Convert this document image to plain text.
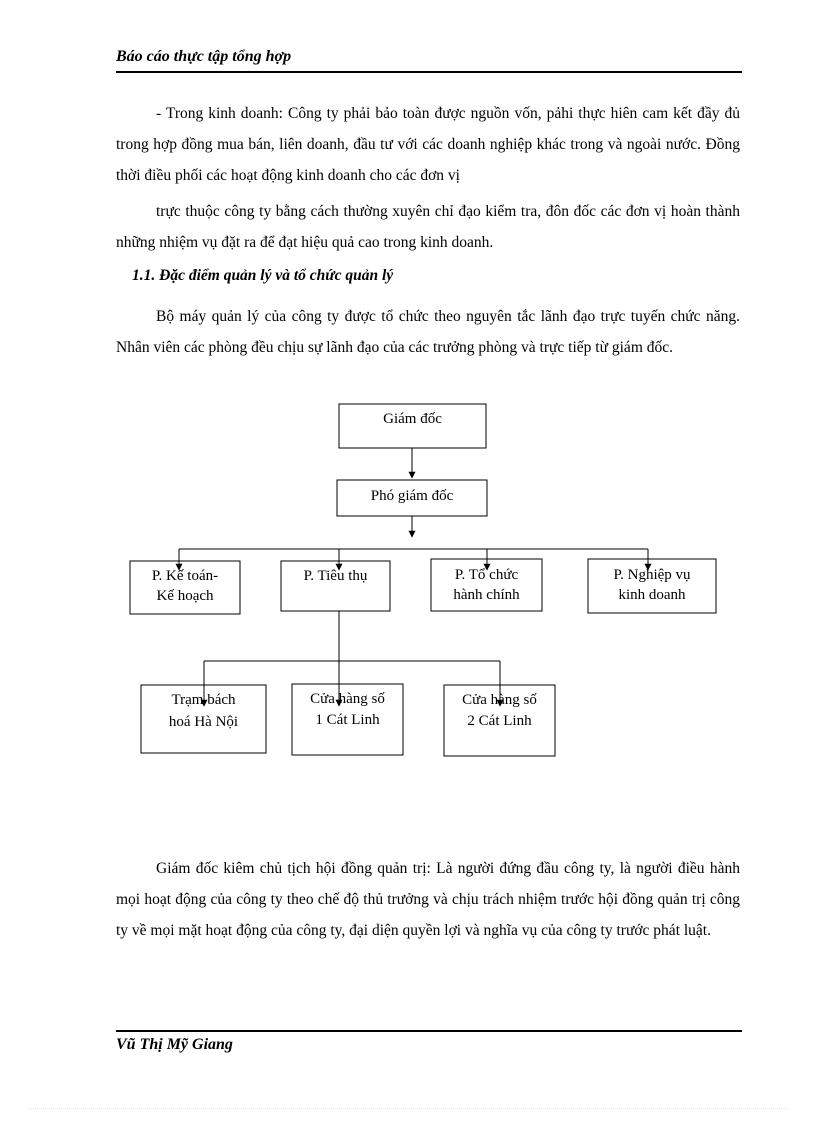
Báo cáo thực tập tổng hợp

- Trong kinh doanh: Công ty phải bảo toàn được nguồn vốn, pảhi thực hiên cam kết đầy đủ trong hợp đồng mua bán, liên doanh, đầu tư với các doanh nghiệp khác trong và ngoài nước. Đồng thời điều phối các hoạt động kinh doanh cho các đơn vị

trực thuộc công ty bằng cách thường xuyên chỉ đạo kiểm tra, đôn đốc các đơn vị hoàn thành những nhiệm vụ đặt ra để đạt hiệu quả cao trong kinh doanh.

1.1. Đặc điểm quản lý và tổ chức quản lý

Bộ máy quản lý của công ty được tổ chức theo nguyên tắc lãnh đạo trực tuyến chức năng. Nhân viên các phòng đều chịu sự lãnh đạo của các trưởng phòng và trực tiếp từ giám đốc.

Giám đốc
Phó giám đốc
P. Kế toán-
Kế hoạch
P. Tiêu thụ	P. Tổ chức
hành chính
P. Nghiệp vụ
kinh doanh
Trạm bách
hoá Hà Nội
Cửa hàng số
1 Cát Linh
Cửa hàng số
2 Cát Linh

Giám đốc kiêm chủ tịch hội đồng quản trị: Là người đứng đầu công ty, là người điều hành mọi hoạt động của công ty theo chế độ thủ trưởng và chịu trách nhiệm trước hội đồng quản trị công ty về mọi mặt hoạt động của công ty, đại diện quyền lợi và nghĩa vụ của công ty trước phát luật.

Vũ Thị Mỹ Giang
